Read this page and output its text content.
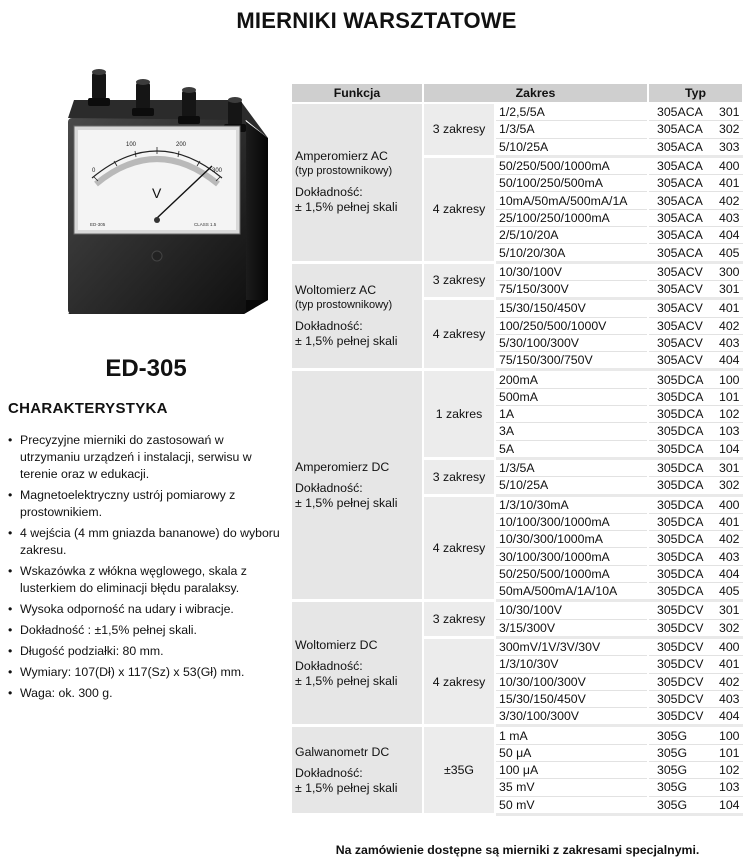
MIERNIKI WARSZTATOWE
0
100	200
300
V
CLASS 1.5
ED-305
ED-305
CHARAKTERYSTYKA
• Precyzyjne mierniki do zastosowań w utrzymaniu urządzeń i instalacji, serwisu w terenie oraz w edukacji.
• Magnetoelektryczny ustrój pomiarowy z prostownikiem.
• 4 wejścia (4 mm gniazda bananowe) do wyboru zakresu.
• Wskazówka z włókna węglowego, skala z lusterkiem do eliminacji błędu paralaksy.
• Wysoka odporność na udary i wibracje.
• Dokładność : ±1,5% pełnej skali.
• Długość podziałki: 80 mm.
• Wymiary: 107(Dł) x 117(Sz) x 53(Gł) mm.
• Waga: ok. 300 g.
Funkcja	Zakres		Typ

Amperomierz AC
(typ prostownikowy)
Dokładność:
± 1,5% pełnej skali	3 zakresy	1/2,5/5A	305ACA 301
		1/3/5A	305ACA 302
		5/10/25A	305ACA 303
	4 zakresy	50/250/500/1000mA	305ACA 400
		50/100/250/500mA	305ACA 401
		10mA/50mA/500mA/1A	305ACA 402
		25/100/250/1000mA	305ACA 403
		2/5/10/20A	305ACA 404
		5/10/20/30A	305ACA 405

Woltomierz AC
(typ prostownikowy)
Dokładność:
± 1,5% pełnej skali	3 zakresy	10/30/100V	305ACV 300
		75/150/300V	305ACV 301
	4 zakresy	15/30/150/450V	305ACV 401
		100/250/500/1000V	305ACV 402
		5/30/100/300V	305ACV 403
		75/150/300/750V	305ACV 404

Amperomierz DC
Dokładność:
± 1,5% pełnej skali	1 zakres	200mA	305DCA 100
		500mA	305DCA 101
		1A	305DCA 102
		3A	305DCA 103
		5A	305DCA 104
	3 zakresy	1/3/5A	305DCA 301
		5/10/25A	305DCA 302
	4 zakresy	1/3/10/30mA	305DCA 400
		10/100/300/1000mA	305DCA 401
		10/30/300/1000mA	305DCA 402
		30/100/300/1000mA	305DCA 403
		50/250/500/1000mA	305DCA 404
		50mA/500mA/1A/10A	305DCA 405

Woltomierz DC
Dokładność:
± 1,5% pełnej skali	3 zakresy	10/30/100V	305DCV 301
		3/15/300V	305DCV 302
	4 zakresy	300mV/1V/3V/30V	305DCV 400
		1/3/10/30V	305DCV 401
		10/30/100/300V	305DCV 402
		15/30/150/450V	305DCV 403
		3/30/100/300V	305DCV 404

Galwanometr DC
Dokładność:
± 1,5% pełnej skali	±35G	1 mA	305G 100
		50 μA	305G 101
		100 μA	305G 102
		35 mV	305G 103
		50 mV	305G 104
Na zamówienie dostępne są mierniki z zakresami specjalnymi.
